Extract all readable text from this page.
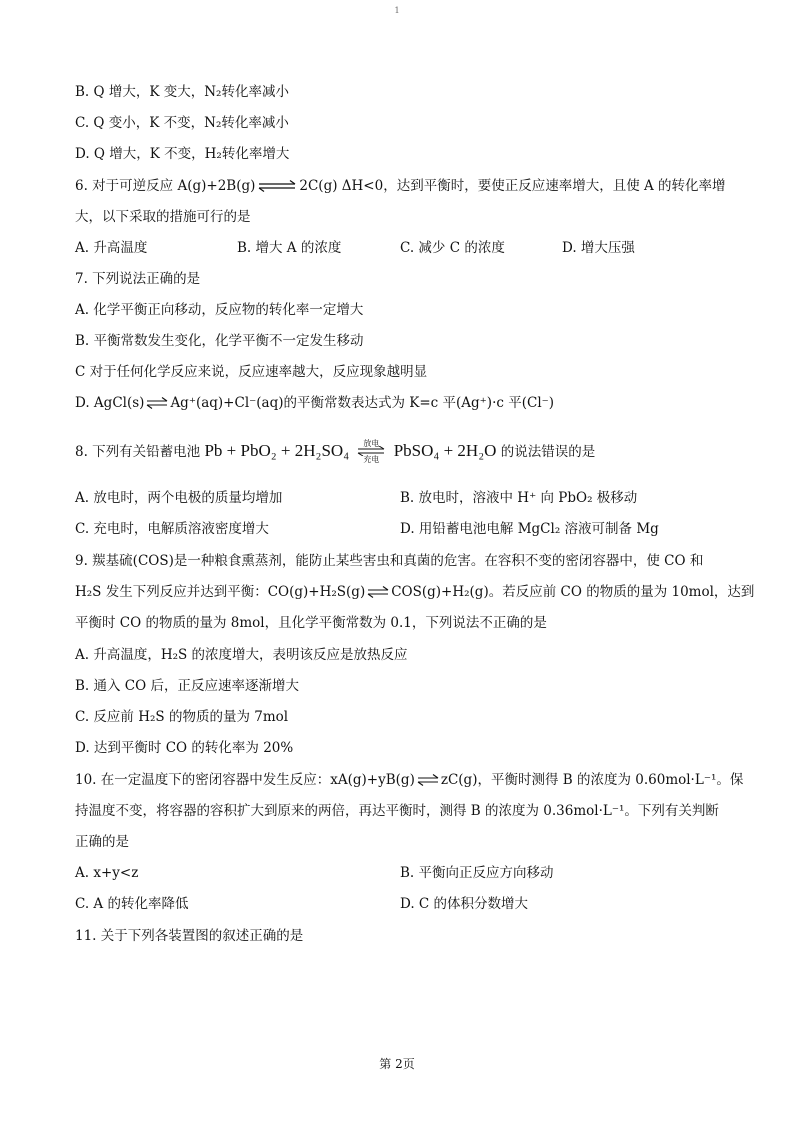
1
B. Q 增大，K 变大，N₂转化率减小
C. Q 变小，K 不变，N₂转化率减小
D. Q 增大，K 不变，H₂转化率增大
6. 对于可逆反应 A(g)+2B(g)	2C(g) ΔH<0，达到平衡时，要使正反应速率增大，且使 A 的转化率增
大，以下采取的措施可行的是
A. 升高温度	B. 增大 A 的浓度	C. 减少 C 的浓度	D. 增大压强
7. 下列说法正确的是
A. 化学平衡正向移动，反应物的转化率一定增大
B. 平衡常数发生变化，化学平衡不一定发生移动
C 对于任何化学反应来说，反应速率越大，反应现象越明显
D. AgCl(s) ⇌ Ag⁺(aq)+Cl⁻(aq)的平衡常数表达式为 K=c 平(Ag⁺)·c 平(Cl⁻)
8. 下列有关铅蓄电池 Pb + PbO₂ + 2H₂SO₄	放电
充电 PbSO₄ + 2H₂O 的说法错误的是
A. 放电时，两个电极的质量均增加	B. 放电时，溶液中 H⁺ 向 PbO₂ 极移动
C. 充电时，电解质溶液密度增大	D. 用铅蓄电池电解 MgCl₂ 溶液可制备 Mg
9. 羰基硫(COS)是一种粮食熏蒸剂，能防止某些害虫和真菌的危害。在容积不变的密闭容器中，使 CO 和
H₂S 发生下列反应并达到平衡：CO(g)+H₂S(g) ⇌ COS(g)+H₂(g)。若反应前 CO 的物质的量为 10mol，达到
平衡时 CO 的物质的量为 8mol，且化学平衡常数为 0.1，下列说法不正确的是
A. 升高温度，H₂S 的浓度增大，表明该反应是放热反应
B. 通入 CO 后，正反应速率逐渐增大
C. 反应前 H₂S 的物质的量为 7mol
D. 达到平衡时 CO 的转化率为 20%
10. 在一定温度下的密闭容器中发生反应：xA(g)+yB(g) ⇌ zC(g)，平衡时测得 B 的浓度为 0.60mol·L⁻¹。保
持温度不变，将容器的容积扩大到原来的两倍，再达平衡时，测得 B 的浓度为 0.36mol·L⁻¹。下列有关判断
正确的是
A. x+y<z	B. 平衡向正反应方向移动
C. A 的转化率降低	D. C 的体积分数增大
11. 关于下列各装置图的叙述正确的是
第 2页
